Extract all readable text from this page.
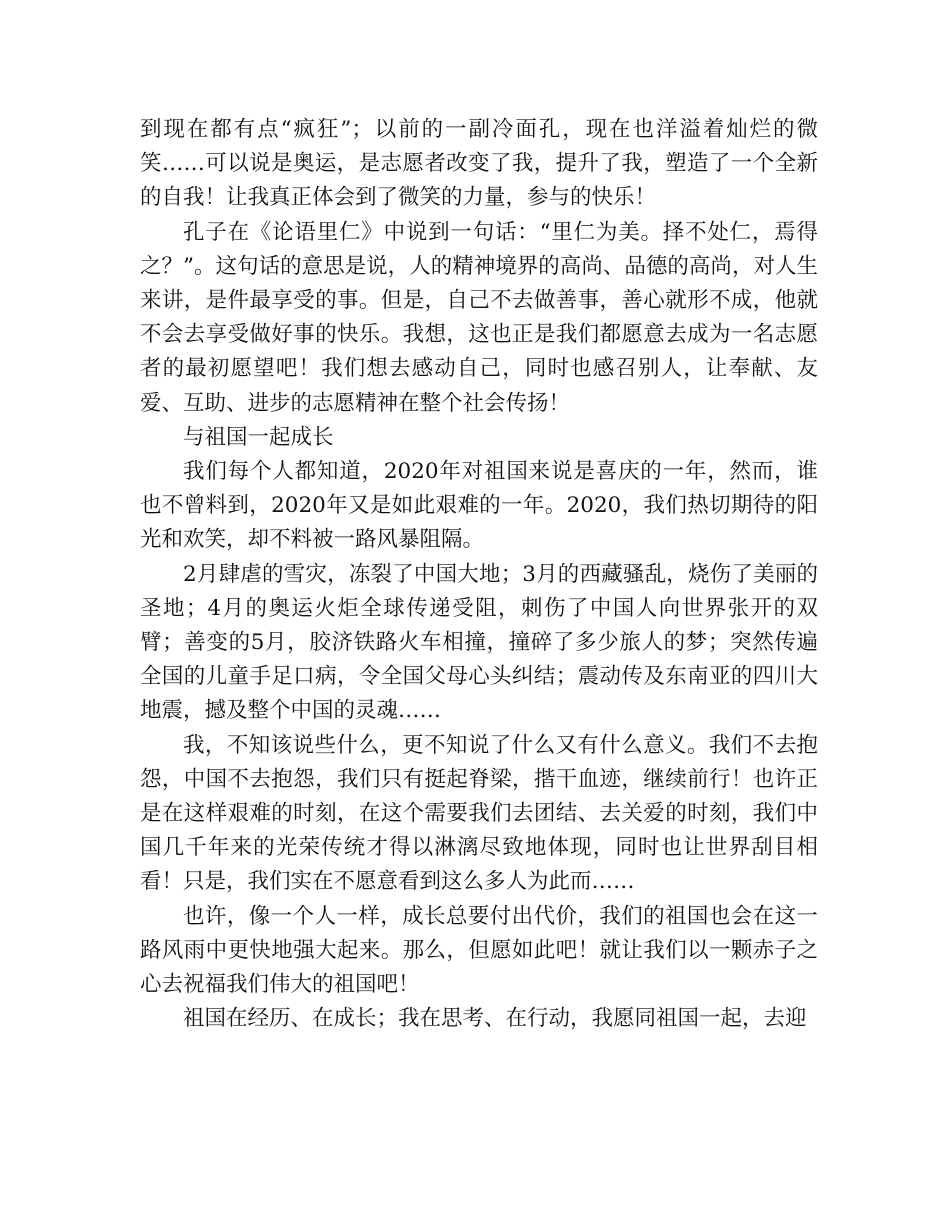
到现在都有点“疯狂”；以前的一副冷面孔，现在也洋溢着灿烂的微笑……可以说是奥运，是志愿者改变了我，提升了我，塑造了一个全新的自我！让我真正体会到了微笑的力量，参与的快乐！

孔子在《论语里仁》中说到一句话：“里仁为美。择不处仁，焉得之？”。这句话的意思是说，人的精神境界的高尚、品德的高尚，对人生来讲，是件最享受的事。但是，自己不去做善事，善心就形不成，他就不会去享受做好事的快乐。我想，这也正是我们都愿意去成为一名志愿者的最初愿望吧！我们想去感动自己，同时也感召别人，让奉献、友爱、互助、进步的志愿精神在整个社会传扬！

与祖国一起成长

我们每个人都知道，2020年对祖国来说是喜庆的一年，然而，谁也不曾料到，2020年又是如此艰难的一年。2020，我们热切期待的阳光和欢笑，却不料被一路风暴阻隔。

2月肆虐的雪灾，冻裂了中国大地；3月的西藏骚乱，烧伤了美丽的圣地；4月的奥运火炬全球传递受阻，刺伤了中国人向世界张开的双臂；善变的5月，胶济铁路火车相撞，撞碎了多少旅人的梦；突然传遍全国的儿童手足口病，令全国父母心头纠结；震动传及东南亚的四川大地震，撼及整个中国的灵魂……

我，不知该说些什么，更不知说了什么又有什么意义。我们不去抱怨，中国不去抱怨，我们只有挺起脊梁，揩干血迹，继续前行！也许正是在这样艰难的时刻，在这个需要我们去团结、去关爱的时刻，我们中国几千年来的光荣传统才得以淋漓尽致地体现，同时也让世界刮目相看！只是，我们实在不愿意看到这么多人为此而……

也许，像一个人一样，成长总要付出代价，我们的祖国也会在这一路风雨中更快地强大起来。那么，但愿如此吧！就让我们以一颗赤子之心去祝福我们伟大的祖国吧！

祖国在经历、在成长；我在思考、在行动，我愿同祖国一起，去迎
